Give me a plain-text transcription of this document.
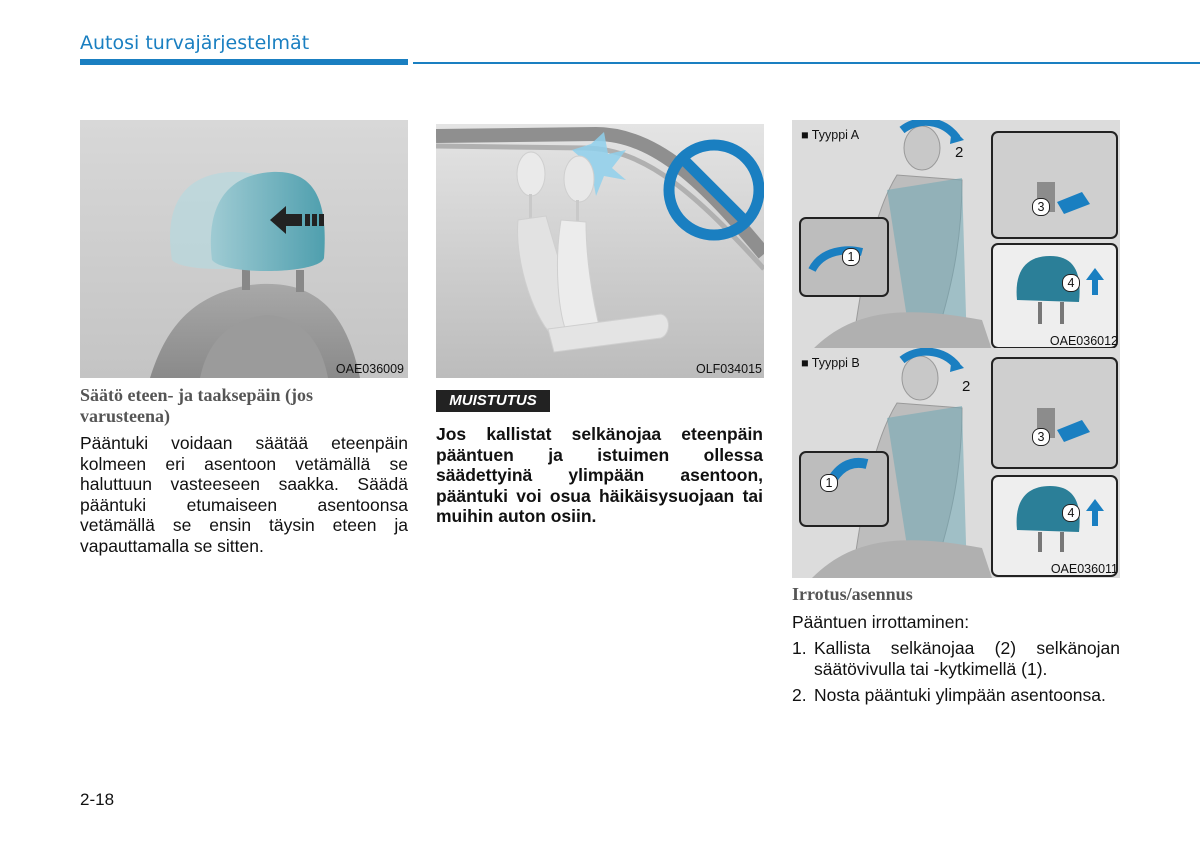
Autosi turvajärjestelmät
OAE036009	OLF034015
■ Tyyppi A
OAE036012
1
2
3
4
■ Tyyppi B
OAE036011
1
2
3
4
Säätö eteen- ja taaksepäin (jos varusteena)
Pääntuki voidaan säätää eteenpäin kolmeen eri asentoon vetämällä se haluttuun vasteeseen saakka. Säädä pääntuki etumaiseen asentoonsa vetämällä se ensin täysin eteen ja vapauttamalla se sitten.
MUISTUTUS
Jos kallistat selkänojaa eteenpäin pääntuen ja istuimen ollessa säädettyinä ylimpään asentoon, pääntuki voi osua häikäisysuojaan tai muihin auton osiin.
Irrotus/asennus
Pääntuen irrottaminen:
1. Kallista selkänojaa (2) selkänojan säätövivulla tai -kytkimellä (1).
2. Nosta pääntuki ylimpään asentoonsa.
2-18
